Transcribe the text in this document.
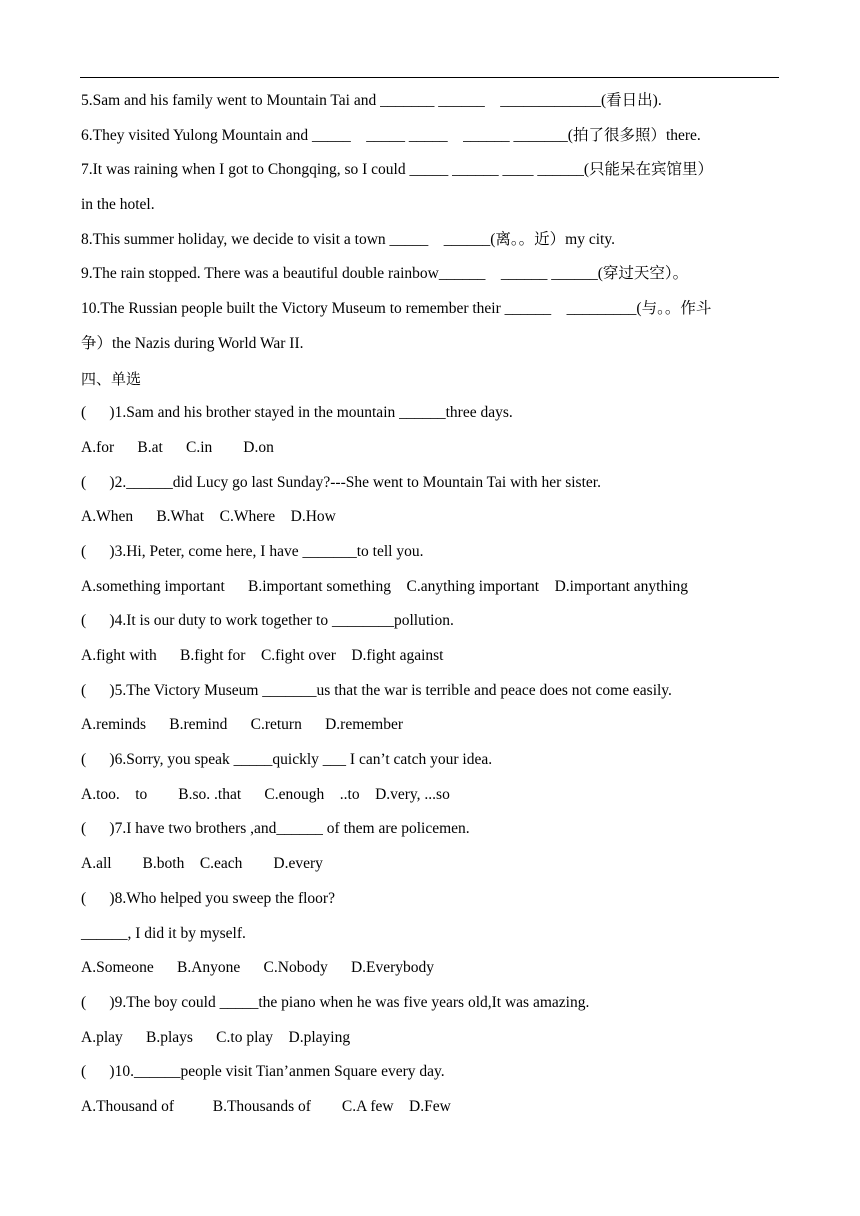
5.Sam and his family went to Mountain Tai and _______ ______    _____________(看日出).
6.They visited Yulong Mountain and _____    _____ _____    ______ _______(拍了很多照）there.
7.It was raining when I got to Chongqing, so I could _____ ______ ____ ______(只能呆在宾馆里）
in the hotel.
8.This summer holiday, we decide to visit a town _____    ______(离。。近）my city.
9.The rain stopped. There was a beautiful double rainbow______    ______ ______(穿过天空）。
10.The Russian people built the Victory Museum to remember their ______    _________(与。。作斗
争）the Nazis during World War II.
四、单选
(      )1.Sam and his brother stayed in the mountain ______three days.
A.for      B.at      C.in        D.on
(      )2.______did Lucy go last Sunday?---She went to Mountain Tai with her sister.
A.When      B.What    C.Where    D.How
(      )3.Hi, Peter, come here, I have _______to tell you.
A.something important      B.important something    C.anything important    D.important anything
(      )4.It is our duty to work together to ________pollution.
A.fight with      B.fight for    C.fight over    D.fight against
(      )5.The Victory Museum _______us that the war is terrible and peace does not come easily.
A.reminds      B.remind      C.return      D.remember
(      )6.Sorry, you speak _____quickly ___ I can’t catch your idea.
A.too.    to        B.so. .that      C.enough    ..to    D.very, ...so
(      )7.I have two brothers ,and______ of them are policemen.
A.all        B.both    C.each        D.every
(      )8.Who helped you sweep the floor?
______, I did it by myself.
A.Someone      B.Anyone      C.Nobody      D.Everybody
(      )9.The boy could _____the piano when he was five years old,It was amazing.
A.play      B.plays      C.to play    D.playing
(      )10.______people visit Tian’anmen Square every day.
A.Thousand of          B.Thousands of        C.A few    D.Few
